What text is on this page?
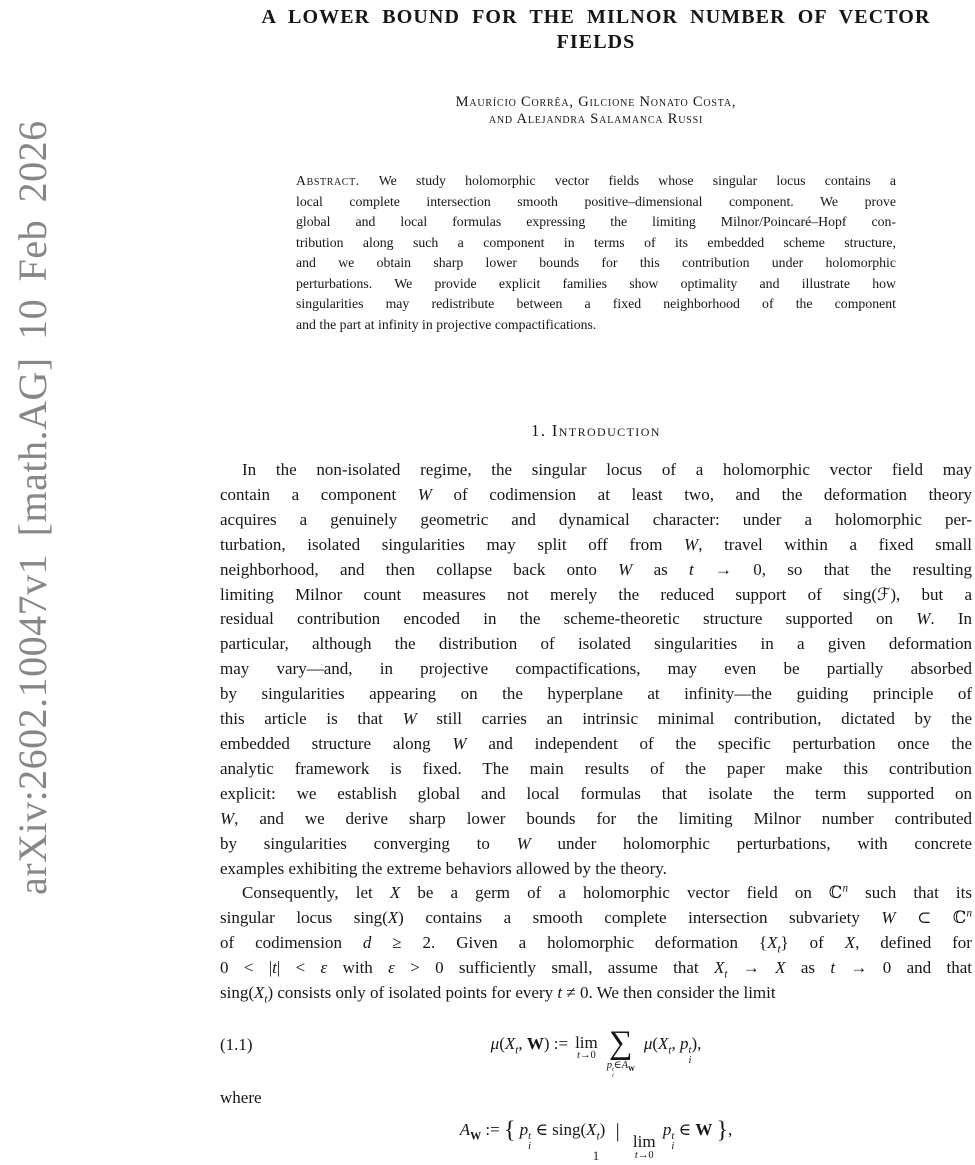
arXiv:2602.10047v1 [math.AG] 10 Feb 2026
A LOWER BOUND FOR THE MILNOR NUMBER OF VECTOR
FIELDS
Maurício Corrêa, Gilcione Nonato Costa,
and Alejandra Salamanca Russi
Abstract. We study holomorphic vector fields whose singular locus contains a
local complete intersection smooth positive–dimensional component. We prove
global and local formulas expressing the limiting Milnor/Poincaré–Hopf con-
tribution along such a component in terms of its embedded scheme structure,
and we obtain sharp lower bounds for this contribution under holomorphic
perturbations. We provide explicit families show optimality and illustrate how
singularities may redistribute between a fixed neighborhood of the component
and the part at infinity in projective compactifications.
1. Introduction
In the non-isolated regime, the singular locus of a holomorphic vector field may
contain a component W of codimension at least two, and the deformation theory
acquires a genuinely geometric and dynamical character: under a holomorphic per-
turbation, isolated singularities may split off from W, travel within a fixed small
neighborhood, and then collapse back onto W as t → 0, so that the resulting
limiting Milnor count measures not merely the reduced support of sing(ℱ), but a
residual contribution encoded in the scheme-theoretic structure supported on W. In
particular, although the distribution of isolated singularities in a given deformation
may vary—and, in projective compactifications, may even be partially absorbed
by singularities appearing on the hyperplane at infinity—the guiding principle of
this article is that W still carries an intrinsic minimal contribution, dictated by the
embedded structure along W and independent of the specific perturbation once the
analytic framework is fixed. The main results of the paper make this contribution
explicit: we establish global and local formulas that isolate the term supported on
W, and we derive sharp lower bounds for the limiting Milnor number contributed
by singularities converging to W under holomorphic perturbations, with concrete
examples exhibiting the extreme behaviors allowed by the theory.
Consequently, let X be a germ of a holomorphic vector field on ℂ$^n$ such that its
singular locus sing(X) contains a smooth complete intersection subvariety W ⊂ ℂ$^n$
of codimension d ≥ 2. Given a holomorphic deformation $\{X_t\}$ of X, defined for
0 < |t| < ε with ε > 0 sufficiently small, assume that $X_t \to X$ as t → 0 and that
$\sin g(X_t)$ consists only of isolated points for every t ≠ 0. We then consider the limit
(1.1)	$\mu(X_t$, W) := lim
t→0 ∑
p t
i
$\in A_W$
$\mu(X_t$, p t
i
),
where
$A_W$ := { p t
i
∈ $\sin g(X_t)$ |
lim
t→0
p t
i
∈ W },
1
